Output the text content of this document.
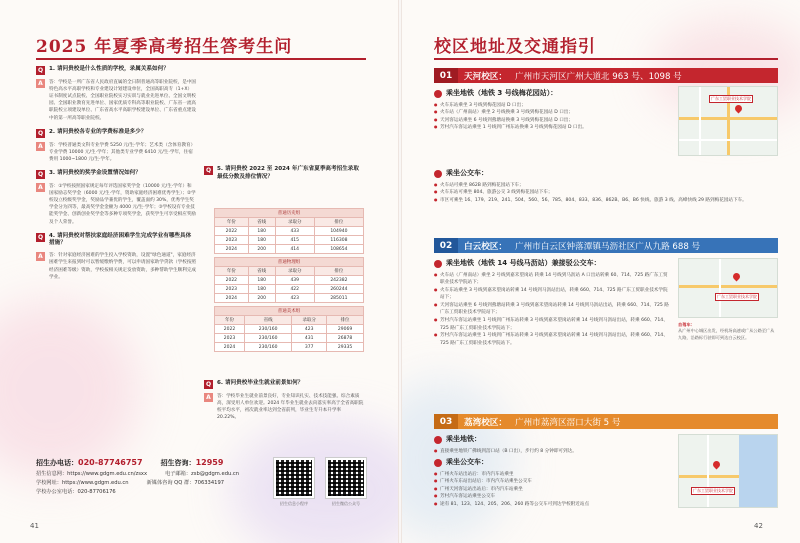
2025 年夏季高考招生答考生问
Q	1. 请问贵校是什么性质的学校，录属关系如何？
A	答：学校是一所广东省人民政府直属的全日制普通高等职业院校，是中国特色高水平高职学校和专业建设计划建设单位，全国高职高专（1+X）证书制度试点院校、全国职业院校实习实训与就业先进单位、全国文明校园、全国职业教育先进单位、国家优质专科高等职业院校、广东省一流高职院校立项建设单位、广东省高水平高职学校建设单位、广东省重点建设中的第一所高等职业院校。
Q	2. 请问贵校各专业的学费标准是多少？
A	答：学校普通类文科专业学费 5250 元/生·学年；艺术类（含体育教育）专业学费 10000 元/生·学年；其他类专业学费 6410 元/生·学年，住宿费用 1000~1800 元/生·学年。
Q	3. 请问贵校的奖学金设置情况如何？
A	答：①学校按照国家规定每年评选国家奖学金（10000 元/生·学年）和国家励志奖学金（6000 元/生·学年，资助家庭经济困难优秀学生）；②学校设立校级奖学金，奖励品学兼优的学生，覆盖面约 30%，优秀学生奖学金分为四等，最高奖学金金额为 4000 元/生·学年；③学校设有专业技能奖学金、创新创业奖学金等多种专项奖学金，获奖学生可享受相应奖励及个人荣誉。
Q	4. 请问贵校对帮扶家庭经济困难学生完成学业有哪些具体措施？
A	答：针对家庭经济困难的学生投入学校资助，设置"绿色通道"，家庭经济困难学生来报到时可以暂缓缴纳学费，可以申请国家助学贷款（学校按照经济困难等级）资助，学校按相关规定发放资助，多种帮助学生顺利完成学业。
Q	5. 请问贵校 2022 至 2024 年广东省夏季高考招生录取最低分数及排位情况？
普通历史组			
年份	省线	录取分	排位
2022	180	433	104940
2023	180	415	116308
2024	200	414	108654
普通物理组			
年份	省线	录取分	排位
2022	180	439	242382
2023	180	422	260244
2024	200	423	285011
普通美术组			
年份	省线	录取分	排位
2022	230/160	423	29069
2023	230/160	431	26878
2024	230/160	377	29335
Q	6. 请问贵校毕业生就业前景如何？
A	答：学校毕业生就业前景良好，专业知识扎实、技术技能强、综合素质高，深受用人单位欢迎。2024 年毕业生就业去向落实率高于全省高职院校平均水平，初次就业率达到全省前列，毕业生专升本升学率 20.22%。
招生办电话：020-87746757	招生咨询：12959
招生信息网：https://www.gdgm.edu.cn/zsxx	电子邮箱：zsb@gdgm.edu.cn
学校网址：https://www.gdgm.edu.cn	新媒体咨询 QQ 群：706334197
学校办公室电话：020-87706176
招生信息小程序	招生微信公众号
41
校区地址及交通指引
42
01	天河校区： 广州市天河区广州大道北 963 号、1098 号
乘坐地铁（地铁 3 号线梅花园站）：
● 火车东站乘坐 3 号线到梅花园站 D 口出；
● 火车站（广州南站）乘坐 2 号线换乘 3 号线到梅花园站 D 口出；
● 天河客运站乘坐 6 号线到燕塘站换乘 3 号线到梅花园站 D 口出；
● 芳村汽车客运站乘坐 1 号线到广州东站换乘 3 号线到梅花园站 D 口出。
广东工贸职业技术学院
乘坐公交车：
● 火车站可乘坐 862B 路到梅花园站下车；
● 火车东站可乘坐 804、旅游公交 3 线到梅花园站下车；
● 市区可乘坐 16、179、219、241、504、560、56、785、804、833、836、862B、B6、B6 快线、旅游 3 线、高峰快线 29 路到梅花园站下车。
02	白云校区： 广州市白云区钟落潭镇马沥社区广从九路 688 号
乘坐地铁（地铁 14 号线马沥站）兼接驳公交车：
● 火车站（广州南站）乘坐 2 号线到嘉禾望岗站 转乘 14 号线到马沥站 A 口出站转乘 60、714、725 路广东工贸职业技术学院站下；
● 火车东站乘坐 3 号线到嘉禾望岗站转乘 14 号线到马沥站出站，转乘 660、714、725 路广东工贸职业技术学院站下；
● 天河客运站乘坐 6 号线到燕塘站转乘 3 号线到嘉禾望岗站转乘 14 号线到马沥站出站，转乘 660、714、725 路广东工贸职业技术学院站下；
● 芳村汽车客运站乘坐 1 号线到广州东站转乘 3 号线到嘉禾望岗站转乘 14 号线到马沥站出站，转乘 660、714、725 路广东工贸职业技术学院站下；
● 芳村汽车客运站乘坐 1 号线到广州东站转乘 3 号线到嘉禾望岗站转乘 14 号线到马沥站出站，转乘 660、714、725 路广东工贸职业技术学院站下。
广东工贸职业技术学院
自驾车：
从广州中心城区出发，经机场高速或广从公路至广从九路，沿路标行驶即可到达白云校区。
03	荔湾校区： 广州市荔湾区滘口大街 5 号
乘坐地铁：
● 直接乘坐地铁广佛线到滘口站（B 口出），步行约 8 分钟即可到达。
乘坐公交车：
● 广州火车站出站后：市内汽车站乘坐
● 广州火车东站出站后：市内汽车站乘坐公交车
● 广州天河客运站出站后：市内汽车站乘坐
● 芳村汽车客运站乘坐公交车
● 途有 81、123、124、205、206、260 路等公交车可到达学校附近站点
广东工贸职业技术学院
